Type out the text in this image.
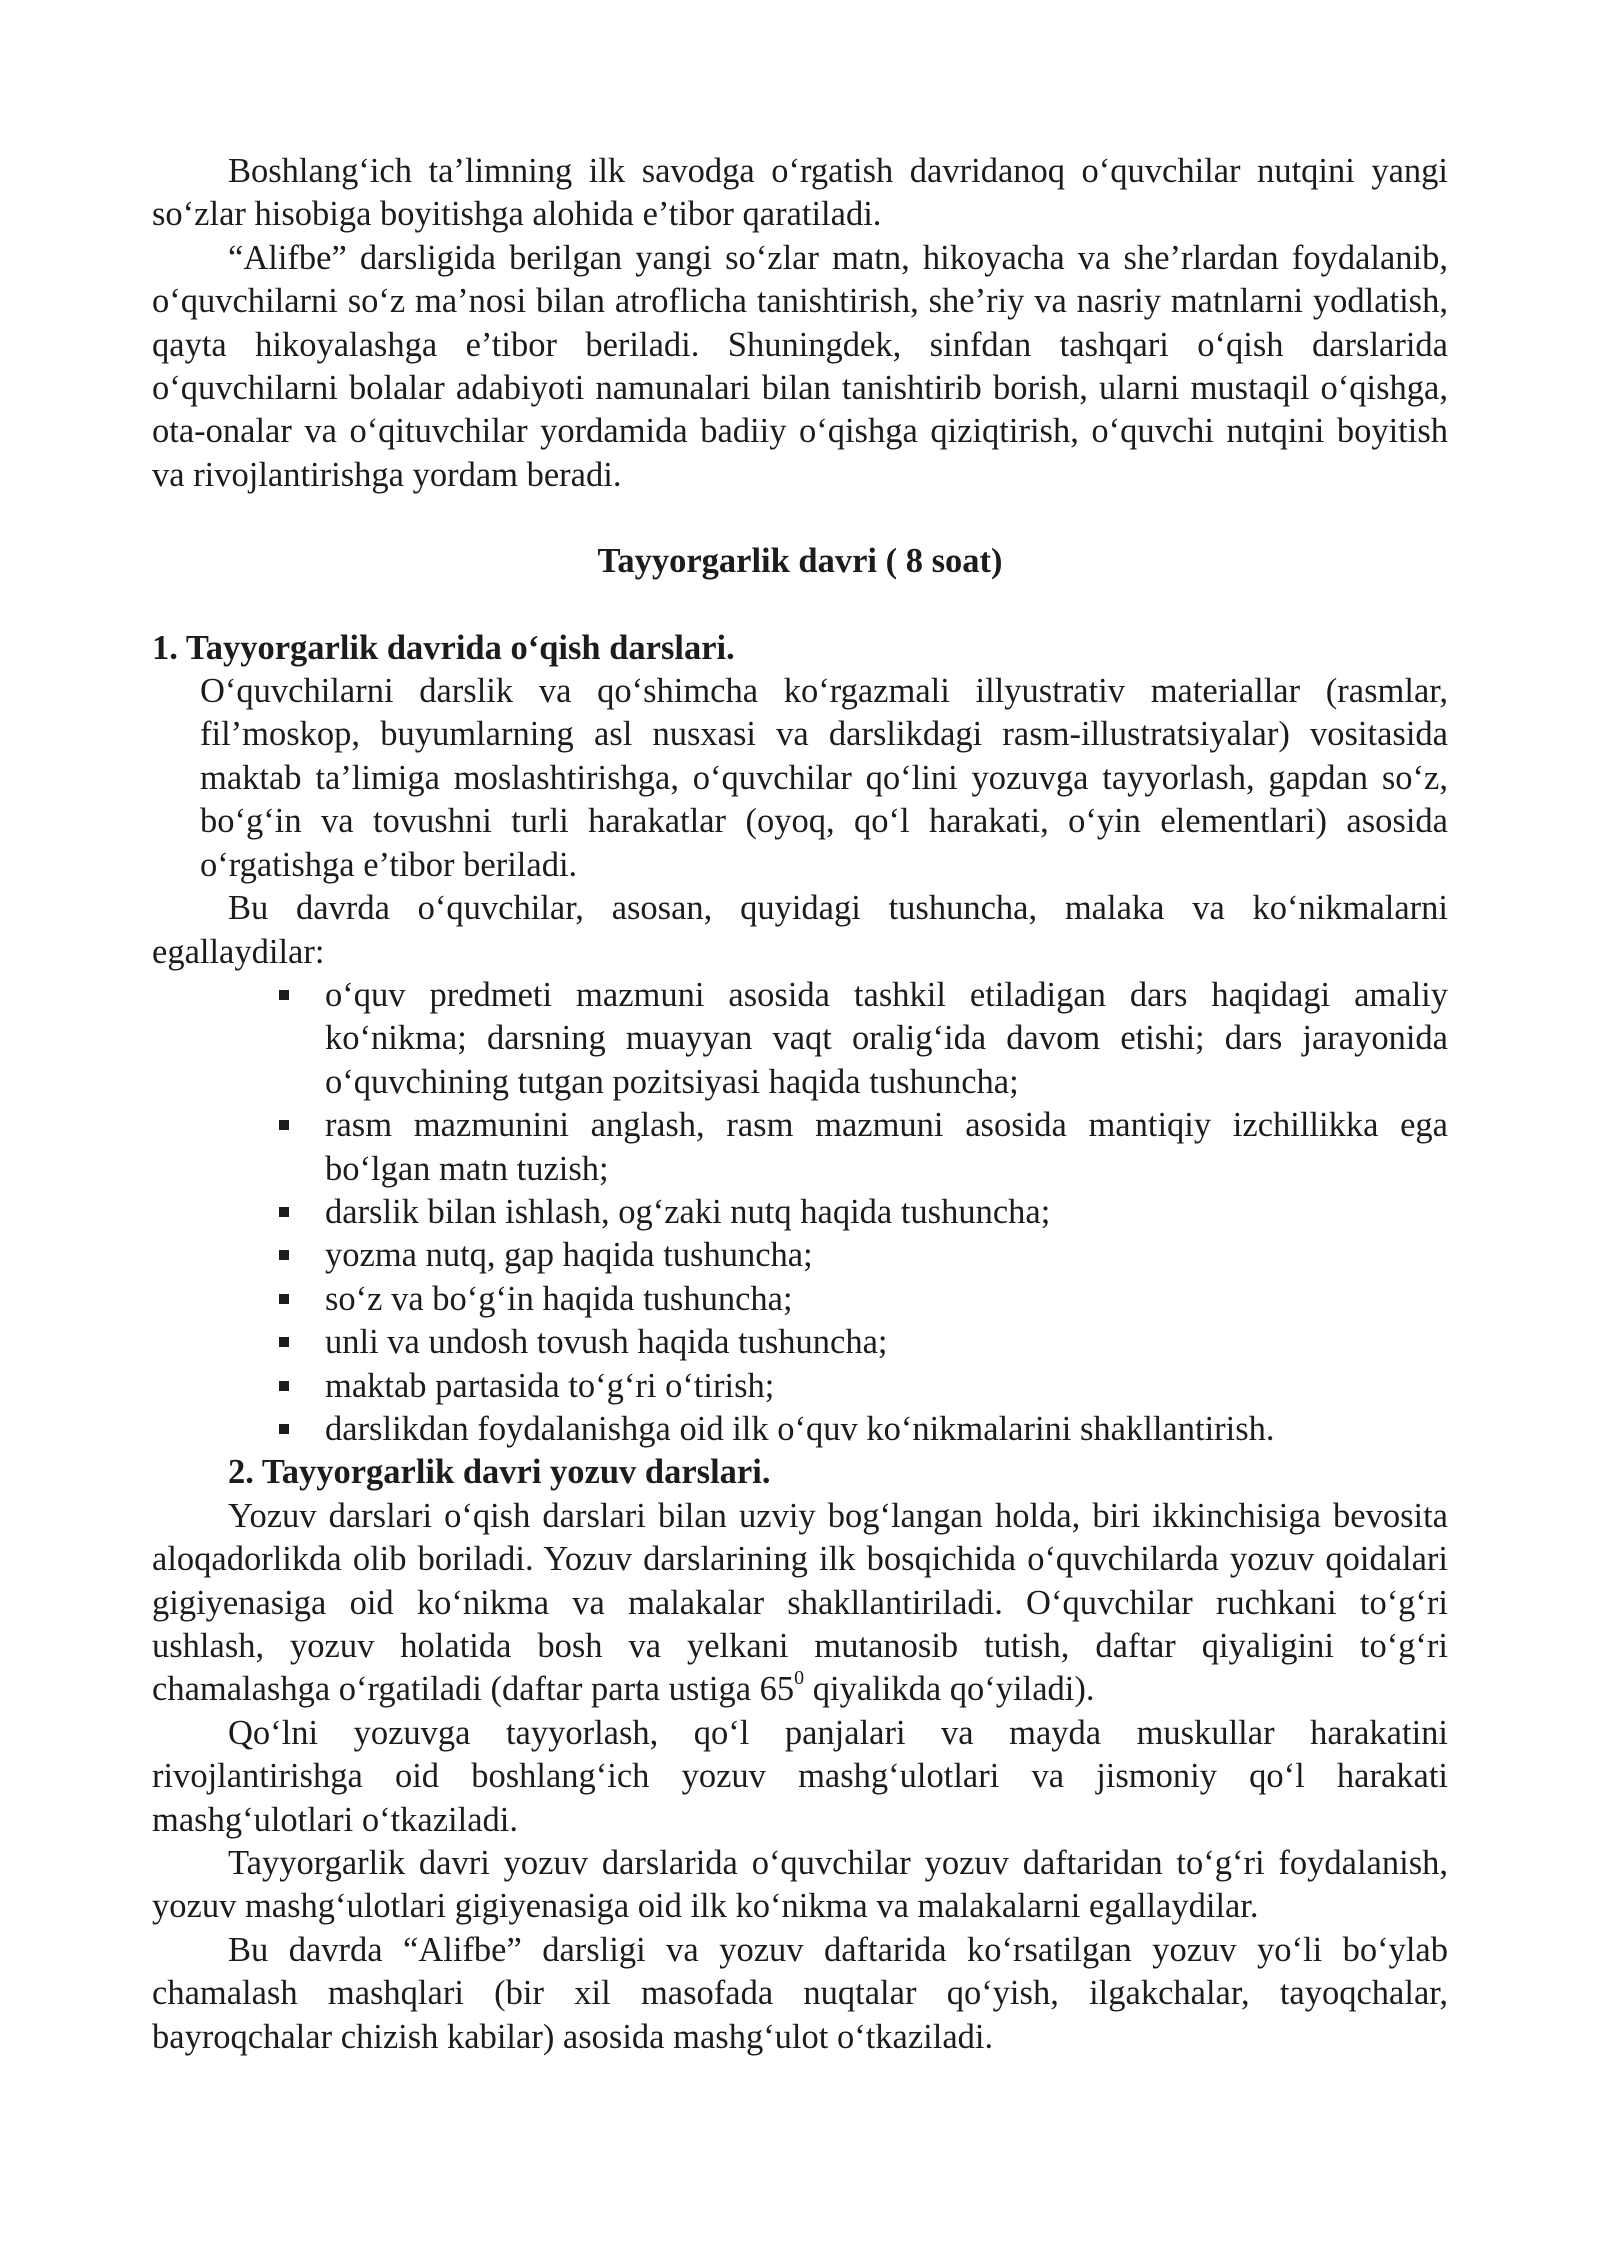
Boshlang‘ich ta’limning ilk savodga o‘rgatish davridanoq o‘quvchilar nutqini yangi so‘zlar hisobiga boyitishga alohida e’tibor qaratiladi.

“Alifbe” darsligida berilgan yangi so‘zlar matn, hikoyacha va she’rlardan foydalanib, o‘quvchilarni so‘z ma’nosi bilan atroflicha tanishtirish, she’riy va nasriy matnlarni yodlatish, qayta hikoyalashga e’tibor beriladi. Shuningdek, sinfdan tashqari o‘qish darslarida o‘quvchilarni bolalar adabiyoti namunalari bilan tanishtirib borish, ularni mustaqil o‘qishga, ota-onalar va o‘qituvchilar yordamida badiiy o‘qishga qiziqtirish, o‘quvchi nutqini boyitish va rivojlantirishga yordam beradi.

Tayyorgarlik davri ( 8 soat)

1. Tayyorgarlik davrida o‘qish darslari.

O‘quvchilarni darslik va qo‘shimcha ko‘rgazmali illyustrativ materiallar (rasmlar, fil’moskop, buyumlarning asl nusxasi va darslikdagi rasm-illustratsiyalar) vositasida maktab ta’limiga moslashtirishga, o‘quvchilar qo‘lini yozuvga tayyorlash, gapdan so‘z, bo‘g‘in va tovushni turli harakatlar (oyoq, qo‘l harakati, o‘yin elementlari) asosida o‘rgatishga e’tibor beriladi.

Bu davrda o‘quvchilar, asosan, quyidagi tushuncha, malaka va ko‘nikmalarni egallaydilar:

o‘quv predmeti mazmuni asosida tashkil etiladigan dars haqidagi amaliy ko‘nikma; darsning muayyan vaqt oralig‘ida davom etishi; dars jarayonida o‘quvchining tutgan pozitsiyasi haqida tushuncha;
rasm mazmunini anglash, rasm mazmuni asosida mantiqiy izchillikka ega bo‘lgan matn tuzish;
darslik bilan ishlash, og‘zaki nutq haqida tushuncha;
yozma nutq, gap haqida tushuncha;
so‘z va bo‘g‘in haqida tushuncha;
unli va undosh tovush haqida tushuncha;
maktab partasida to‘g‘ri o‘tirish;
darslikdan foydalanishga oid ilk o‘quv ko‘nikmalarini shakllantirish.

2. Tayyorgarlik davri yozuv darslari.

Yozuv darslari o‘qish darslari bilan uzviy bog‘langan holda, biri ikkinchisiga bevosita aloqadorlikda olib boriladi. Yozuv darslarining ilk bosqichida o‘quvchilarda yozuv qoidalari gigiyenasiga oid ko‘nikma va malakalar shakllantiriladi. O‘quvchilar ruchkani to‘g‘ri ushlash, yozuv holatida bosh va yelkani mutanosib tutish, daftar qiyaligini to‘g‘ri chamalashga o‘rgatiladi (daftar parta ustiga $65^0$ qiyalikda qo‘yiladi).

Qo‘lni yozuvga tayyorlash, qo‘l panjalari va mayda muskullar harakatini rivojlantirishga oid boshlang‘ich yozuv mashg‘ulotlari va jismoniy qo‘l harakati mashg‘ulotlari o‘tkaziladi.

Tayyorgarlik davri yozuv darslarida o‘quvchilar yozuv daftaridan to‘g‘ri foydalanish, yozuv mashg‘ulotlari gigiyenasiga oid ilk ko‘nikma va malakalarni egallaydilar.

Bu davrda “Alifbe” darsligi va yozuv daftarida ko‘rsatilgan yozuv yo‘li bo‘ylab chamalash mashqlari (bir xil masofada nuqtalar qo‘yish, ilgakchalar, tayoqchalar, bayroqchalar chizish kabilar) asosida mashg‘ulot o‘tkaziladi.
